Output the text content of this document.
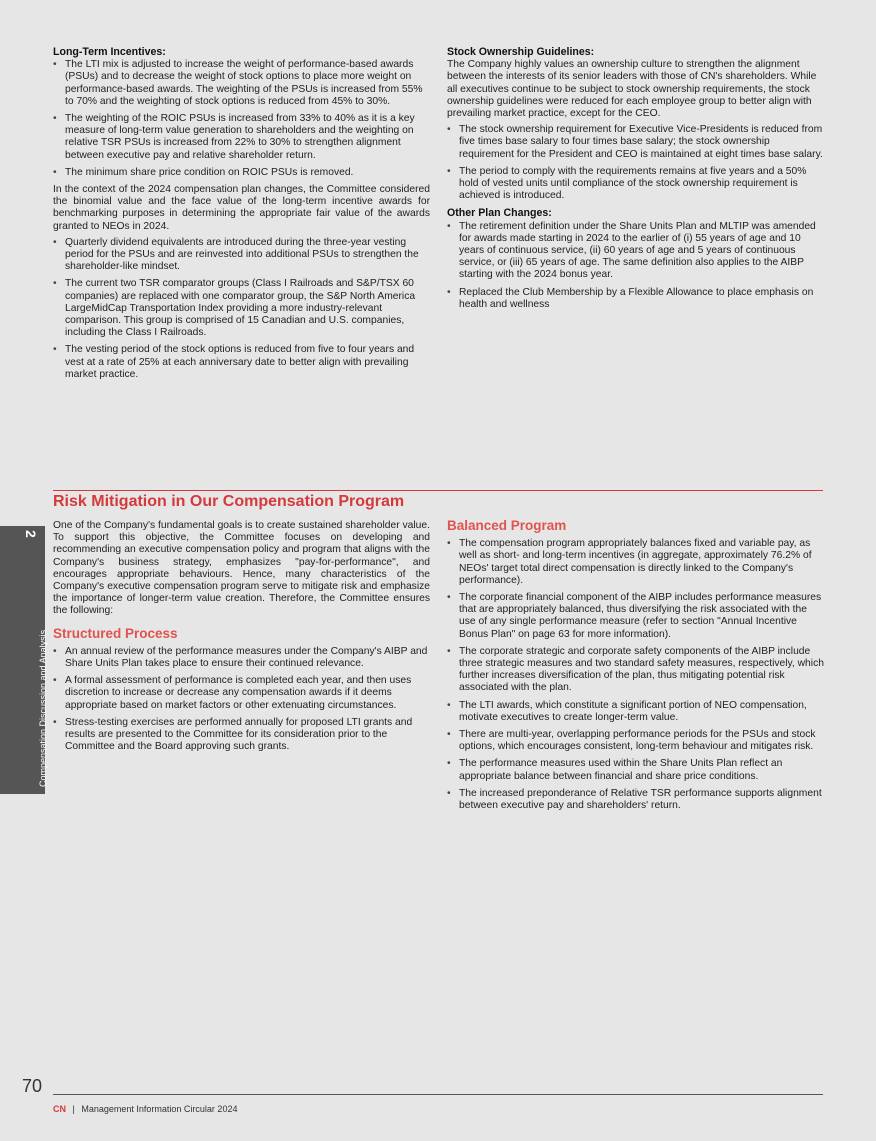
Long-Term Incentives:
• The LTI mix is adjusted to increase the weight of performance-based awards (PSUs) and to decrease the weight of stock options to place more weight on performance-based awards. The weighting of the PSUs is increased from 55% to 70% and the weighting of stock options is reduced from 45% to 30%.
• The weighting of the ROIC PSUs is increased from 33% to 40% as it is a key measure of long-term value generation to shareholders and the weighting on relative TSR PSUs is increased from 22% to 30% to strengthen alignment between executive pay and relative shareholder return.
• The minimum share price condition on ROIC PSUs is removed.

In the context of the 2024 compensation plan changes, the Committee considered the binomial value and the face value of the long-term incentive awards for benchmarking purposes in determining the appropriate fair value of the awards granted to NEOs in 2024.

• Quarterly dividend equivalents are introduced during the three-year vesting period for the PSUs and are reinvested into additional PSUs to strengthen the shareholder-like mindset.
• The current two TSR comparator groups (Class I Railroads and S&P/TSX 60 companies) are replaced with one comparator group, the S&P North America LargeMidCap Transportation Index providing a more industry-relevant comparison. This group is comprised of 15 Canadian and U.S. companies, including the Class I Railroads.
• The vesting period of the stock options is reduced from five to four years and vest at a rate of 25% at each anniversary date to better align with prevailing market practice.
Stock Ownership Guidelines:

The Company highly values an ownership culture to strengthen the alignment between the interests of its senior leaders with those of CN's shareholders. While all executives continue to be subject to stock ownership requirements, the stock ownership guidelines were reduced for each employee group to better align with prevailing market practice, except for the CEO.

• The stock ownership requirement for Executive Vice-Presidents is reduced from five times base salary to four times base salary; the stock ownership requirement for the President and CEO is maintained at eight times base salary.
• The period to comply with the requirements remains at five years and a 50% hold of vested units until compliance of the stock ownership requirement is achieved is introduced.
Other Plan Changes:
• The retirement definition under the Share Units Plan and MLTIP was amended for awards made starting in 2024 to the earlier of (i) 55 years of age and 10 years of continuous service, (ii) 60 years of age and 5 years of continuous service, or (iii) 65 years of age. The same definition also applies to the AIBP starting with the 2024 bonus year.
• Replaced the Club Membership by a Flexible Allowance to place emphasis on health and wellness
Risk Mitigation in Our Compensation Program

One of the Company's fundamental goals is to create sustained shareholder value. To support this objective, the Committee focuses on developing and recommending an executive compensation policy and program that aligns with the Company's business strategy, emphasizes "pay-for-performance", and encourages appropriate behaviours. Hence, many characteristics of the Company's executive compensation program serve to mitigate risk and emphasize the importance of longer-term value creation. Therefore, the Committee ensures the following:

Structured Process
• An annual review of the performance measures under the Company's AIBP and Share Units Plan takes place to ensure their continued relevance.
• A formal assessment of performance is completed each year, and then uses discretion to increase or decrease any compensation awards if it deems appropriate based on market factors or other extenuating circumstances.
• Stress-testing exercises are performed annually for proposed LTI grants and results are presented to the Committee for its consideration prior to the Committee and the Board approving such grants.
Balanced Program
• The compensation program appropriately balances fixed and variable pay, as well as short- and long-term incentives (in aggregate, approximately 76.2% of NEOs' target total direct compensation is directly linked to the Company's performance).
• The corporate financial component of the AIBP includes performance measures that are appropriately balanced, thus diversifying the risk associated with the use of any single performance measure (refer to section "Annual Incentive Bonus Plan" on page 63 for more information).
• The corporate strategic and corporate safety components of the AIBP include three strategic measures and two standard safety measures, respectively, which further increases diversification of the plan, thus mitigating potential risk associated with the plan.
• The LTI awards, which constitute a significant portion of NEO compensation, motivate executives to create longer-term value.
• There are multi-year, overlapping performance periods for the PSUs and stock options, which encourages consistent, long-term behaviour and mitigates risk.
• The performance measures used within the Share Units Plan reflect an appropriate balance between financial and share price conditions.
• The increased preponderance of Relative TSR performance supports alignment between executive pay and shareholders' return.
2
Compensation Discussion and Analysis
70
CN | Management Information Circular 2024
